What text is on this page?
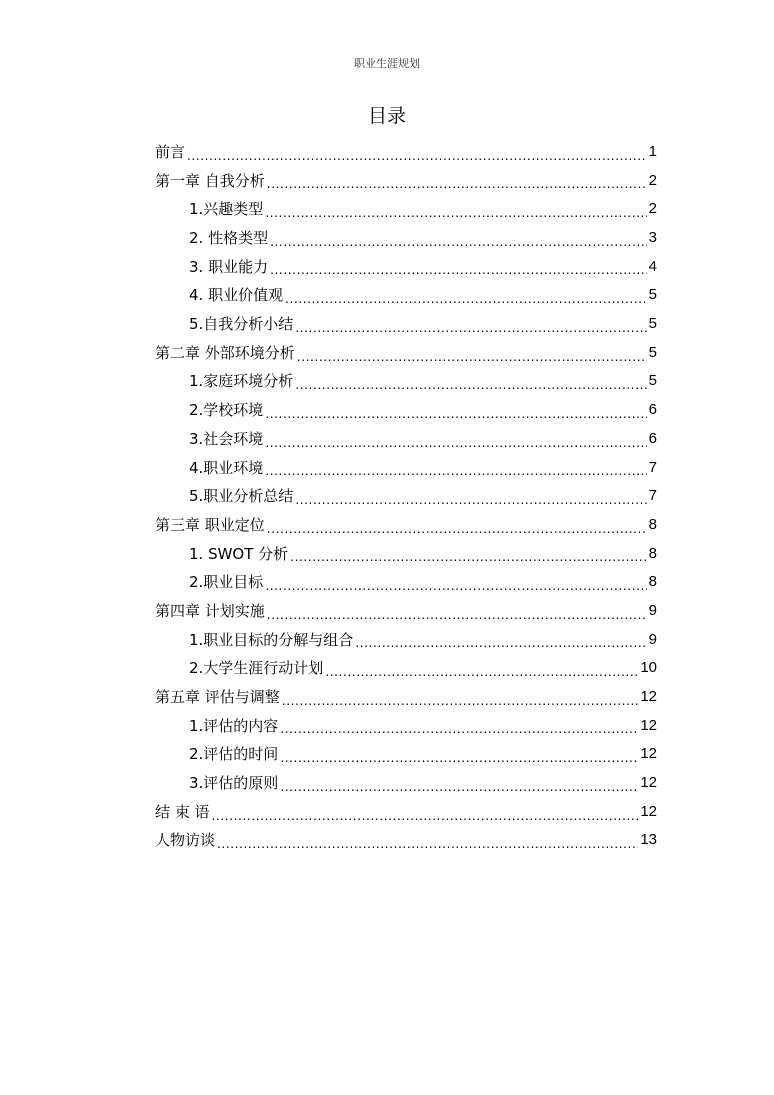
职业生涯规划
目录
前言 .....	1
第一章 自我分析 .....	2
1.兴趣类型 .....	2
2. 性格类型 .....	3
3. 职业能力 .....	4
4. 职业价值观 .....	5
5.自我分析小结 .....	5
第二章 外部环境分析 .....	5
1.家庭环境分析 .....	5
2.学校环境 .....	6
3.社会环境 .....	6
4.职业环境 .....	7
5.职业分析总结 .....	7
第三章 职业定位 .....	8
1. SWOT 分析 .....	8
2.职业目标 .....	8
第四章 计划实施 .....	9
1.职业目标的分解与组合 .....	9
2.大学生涯行动计划 .....	10
第五章 评估与调整 .....	12
1.评估的内容 .....	12
2.评估的时间 .....	12
3.评估的原则 .....	12
结 束 语 .....	12
人物访谈 .....	13
